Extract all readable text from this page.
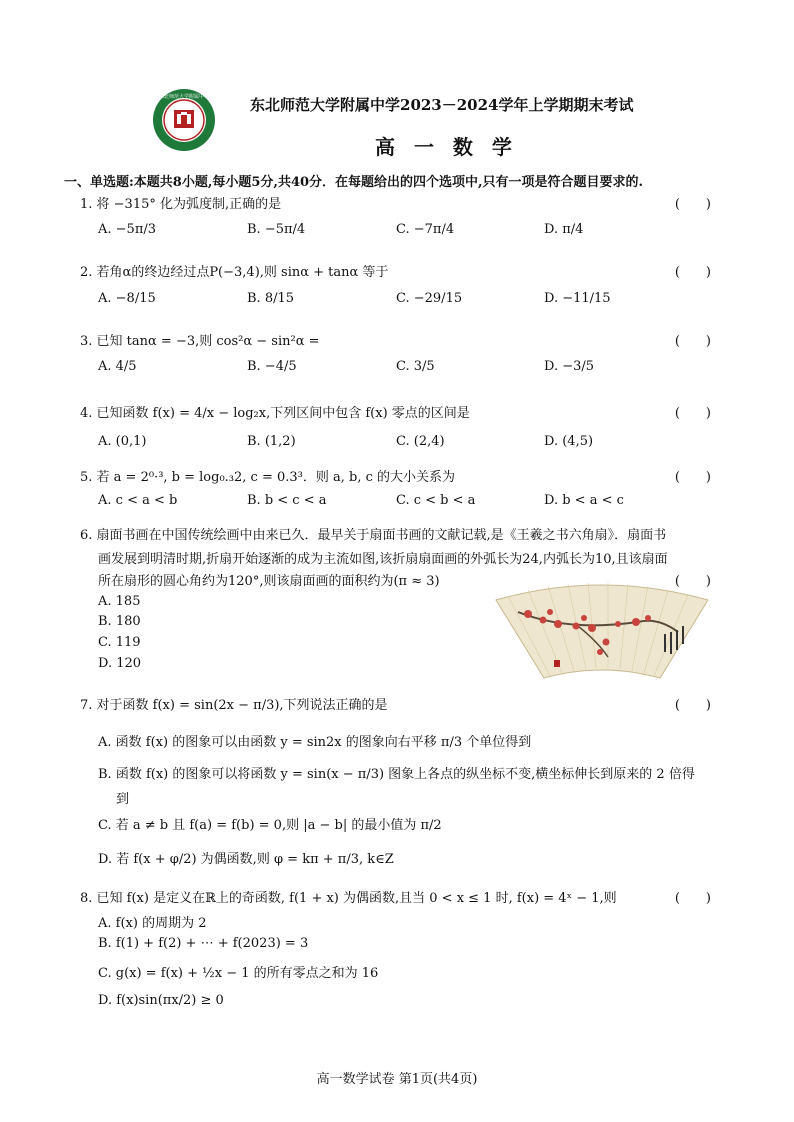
东北师范大学附属中学	东北师范大学附属中学2023－2024学年上学期期末考试
高 一 数 学
一、单选题:本题共8小题,每小题5分,共40分．在每题给出的四个选项中,只有一项是符合题目要求的.
1. 将 −315° 化为弧度制,正确的是	(　　)
A. −5π/3	B. −5π/4	C. −7π/4	D. π/4
2. 若角α的终边经过点P(−3,4),则 sinα + tanα 等于	(　　)
A. −8/15	B. 8/15	C. −29/15	D. −11/15
3. 已知 tanα = −3,则 cos²α − sin²α =	(　　)
A. 4/5	B. −4/5	C. 3/5	D. −3/5
4. 已知函数 f(x) = 4/x − log₂x,下列区间中包含 f(x) 零点的区间是	(　　)
A. (0,1)	B. (1,2)	C. (2,4)	D. (4,5)
5. 若 a = 2⁰·³, b = log₀.₃2, c = 0.3³．则 a, b, c 的大小关系为	(　　)
A. c < a < b	B. b < c < a	C. c < b < a	D. b < a < c
6. 扇面书画在中国传统绘画中由来已久．最早关于扇面书画的文献记载,是《王羲之书六角扇》．扇面书
画发展到明清时期,折扇开始逐渐的成为主流如图,该折扇扇面画的外弧长为24,内弧长为10,且该扇面
所在扇形的圆心角约为120°,则该扇面画的面积约为(π ≈ 3)	(　　)
A. 185
B. 180
C. 119
D. 120
7. 对于函数 f(x) = sin(2x − π/3),下列说法正确的是	(　　)
A. 函数 f(x) 的图象可以由函数 y = sin2x 的图象向右平移 π/3 个单位得到
B. 函数 f(x) 的图象可以将函数 y = sin(x − π/3) 图象上各点的纵坐标不变,横坐标伸长到原来的 2 倍得
到
C. 若 a ≠ b 且 f(a) = f(b) = 0,则 |a − b| 的最小值为 π/2
D. 若 f(x + φ/2) 为偶函数,则 φ = kπ + π/3, k∈Z
8. 已知 f(x) 是定义在ℝ上的奇函数, f(1 + x) 为偶函数,且当 0 < x ≤ 1 时, f(x) = 4ˣ − 1,则	(　　)
A. f(x) 的周期为 2
B. f(1) + f(2) + ⋯ + f(2023) = 3
C. g(x) = f(x) + ½x − 1 的所有零点之和为 16
D. f(x)sin(πx/2) ≥ 0
高一数学试卷 第1页(共4页)
